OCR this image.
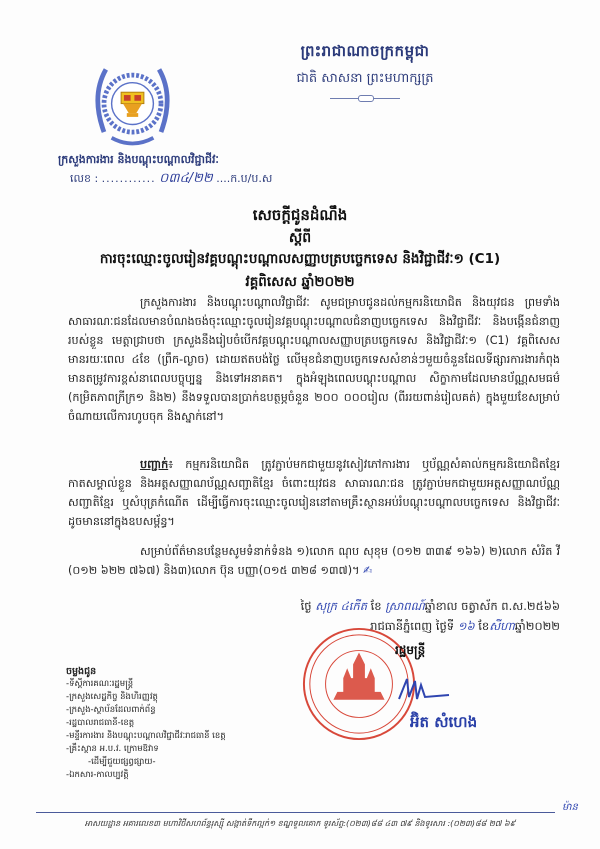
ព្រះរាជាណាចក្រកម្ពុជា
ជាតិ សាសនា ព្រះមហាក្សត្រ
ក្រសួងការងារ និងបណ្តុះបណ្តាលវិជ្ជាជីវៈ
លេខ : ............ ០៣៤/២២ ....ក.ប/ប.ស
សេចក្តីជូនដំណឹង
ស្តីពី
ការចុះឈ្មោះចូលរៀនវគ្គបណ្តុះបណ្តាលសញ្ញាបត្របច្ចេកទេស និងវិជ្ជាជីវៈ១ (C1)
វគ្គពិសេស ឆ្នាំ២០២២
ក្រសួងការងារ និងបណ្តុះបណ្តាលវិជ្ជាជីវៈ សូមជម្រាបជូនដល់កម្មករនិយោជិត និងយុវជន ព្រមទាំងសាធារណៈជនដែលមានបំណងចង់ចុះឈ្មោះចូលរៀនវគ្គបណ្តុះបណ្តាលជំនាញបច្ចេកទេស និងវិជ្ជាជីវៈ និងបង្កើនជំនាញរបស់ខ្លួន មេត្តាជ្រាបថា ក្រសួងនឹងរៀបចំបើកវគ្គបណ្តុះបណ្តាលសញ្ញាបត្របច្ចេកទេស និងវិជ្ជាជីវៈ១ (C1) វគ្គពិសេស មានរយៈពេល ៤ខែ (ព្រឹក-ល្ងាច) ដោយឥតបង់ថ្លៃ លើមុខជំនាញបច្ចេកទេសសំខាន់ៗមួយចំនួនដែលទីផ្សារការងារកំពុងមានតម្រូវការខ្ពស់នាពេលបច្ចុប្បន្ន និងទៅអនាគត។ ក្នុងអំឡុងពេលបណ្តុះបណ្តាល សិក្ខាកាមដែលមានប័ណ្ណសមធម៌ (កម្រិតភាពក្រីក្រ១ និង២) នឹងទទួលបានប្រាក់ឧបត្ថម្ភចំនួន ២០០ ០០០រៀល (ពីររយពាន់រៀលគត់) ក្នុងមួយខែសម្រាប់ចំណាយលើការហូបចុក និងស្នាក់នៅ។
បញ្ជាក់៖ កម្មករនិយោជិត ត្រូវភ្ជាប់មកជាមួយនូវសៀវភៅការងារ ឬប័ណ្ណសំគាល់កម្មករនិយោជិតខ្មែរ កាតសម្គាល់ខ្លួន និងអត្តសញ្ញាណប័ណ្ណសញ្ជាតិខ្មែរ ចំពោះយុវជន សាធារណៈជន ត្រូវភ្ជាប់មកជាមួយអត្តសញ្ញាណប័ណ្ណសញ្ជាតិខ្មែរ ឬសំបុត្រកំណើត ដើម្បីធ្វើការចុះឈ្មោះចូលរៀននៅតាមគ្រឹះស្ថានអប់រំបណ្តុះបណ្តាលបច្ចេកទេស និងវិជ្ជាជីវៈដូចមាននៅក្នុងឧបសម្ព័ន្ធ។
សម្រាប់ព័ត៌មានបន្ថែមសូមទំនាក់ទំនង ១)លោក ណុប សុខុម (០១២ ៣៣៩ ១៦៦) ២)លោក សំរិត វី (០១២ ៦២២ ៧៦៧) និង៣)លោក ប៊ុន បញ្ញា(០១៥ ៣២៨ ១៣៧)។ ✍
ថ្ងៃ សុក្រ ៤កើត ខែ ស្រាពណ៍ឆ្នាំខាល ចត្វាស័ក ព.ស.២៥៦៦
រាជធានីភ្នំពេញ ថ្ងៃទី ១៦ ខែសីហាឆ្នាំ២០២២
រដ្ឋមន្ត្រី
អ៊ិត សំហេង
ចម្លងជូន
-ទីស្តីការគណៈរដ្ឋមន្ត្រី
-ក្រសួងសេដ្ឋកិច្ច និងហិរញ្ញវត្ថុ
-ក្រសួង-ស្ថាប័នដែលពាក់ព័ន្ធ
-រដ្ឋបាលរាជធានី-ខេត្ត
-មន្ទីរការងារ និងបណ្តុះបណ្តាលវិជ្ជាជីវៈរាជធានី ខេត្ត
-គ្រឹះស្ថាន អ.ប.វ. ក្រោមឱវាទ
-ដើម្បីជួយផ្សព្វផ្សាយ-
-ឯកសារ-កាលប្បវត្តិ
ម៉ាន
អាសយដ្ឋាន អគារលេខ៣ មហាវិថីសហព័ន្ធរុស្ស៊ី សង្កាត់ទឹកល្អក់១ ខណ្ឌទួលគោក ទូរស័ព្ទ:(០២៣)៨៨ ៤៣ ៧៩ និងទូរសារ :(០២៣)៨៨ ២៧ ៦៩
